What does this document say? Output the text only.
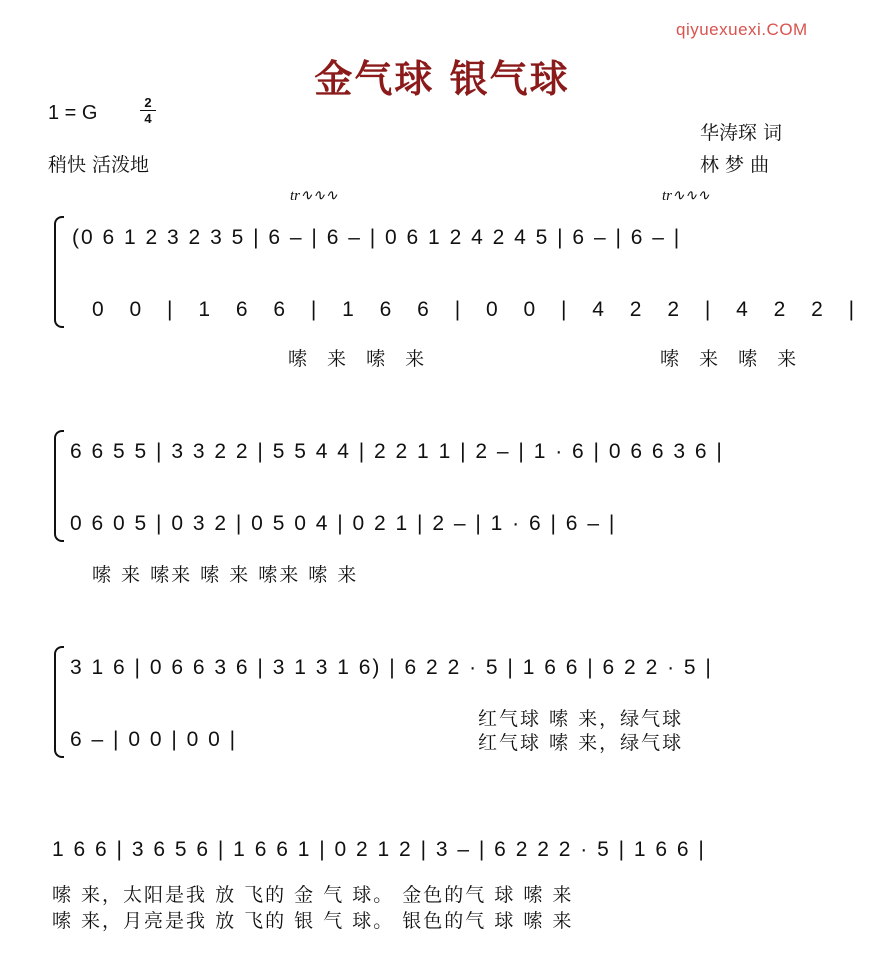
qiyuexuexi.COM
金气球 银气球
1 = G	2
4
稍快 活泼地
华涛琛 词
林 梦 曲
tr∿∿∿	tr∿∿∿
(0 6 1 2 3 2 3 5 | 6 – | 6 – | 0 6 1 2 4 2 4 5 | 6 – | 6 – |
0 0 | 1 6 6 | 1 6 6 | 0 0 | 4 2 2 | 4 2 2 |
嗦 来 嗦 来	嗦 来 嗦 来
6 6 5 5 | 3 3 2 2 | 5 5 4 4 | 2 2 1 1 | 2 – | 1 · 6 | 0 6 6 3 6 |
0 6 0 5 | 0 3 2 | 0 5 0 4 | 0 2 1 | 2 – | 1 · 6 | 6 – |
嗦 来 嗦来 嗦 来 嗦来 嗦 来
3 1 6 | 0 6 6 3 6 | 3 1 3 1 6) | 6 2 2 · 5 | 1 6 6 | 6 2 2 · 5 |
6 – | 0 0 | 0 0 |
红气球 嗦 来，绿气球
红气球 嗦 来，绿气球
1 6 6 | 3 6 5 6 | 1 6 6 1 | 0 2 1 2 | 3 – | 6 2 2 2 · 5 | 1 6 6 |
嗦 来，太阳是我 放 飞的 金 气 球。 金色的气 球 嗦 来
嗦 来，月亮是我 放 飞的 银 气 球。 银色的气 球 嗦 来
